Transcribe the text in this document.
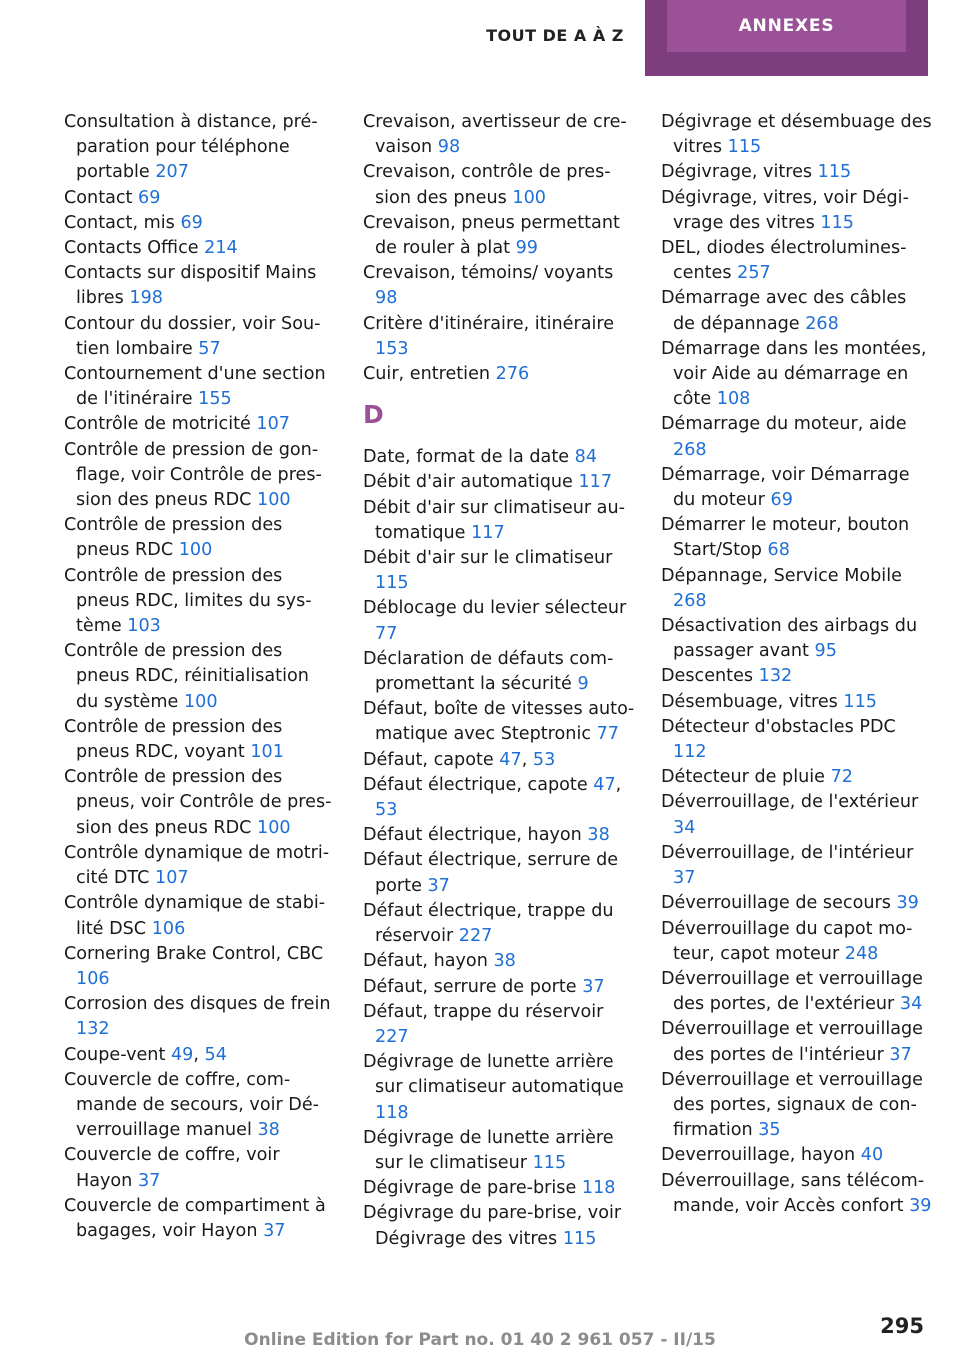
TOUT DE A À Z	ANNEXES
Consultation à distance, préparation pour téléphone portable 207
Contact 69
Contact, mis 69
Contacts Office 214
Contacts sur dispositif Mains libres 198
Contour du dossier, voir Soutien lombaire 57
Contournement d'une section de l'itinéraire 155
Contrôle de motricité 107
Contrôle de pression de gonflage, voir Contrôle de pression des pneus RDC 100
Contrôle de pression des pneus RDC 100
Contrôle de pression des pneus RDC, limites du système 103
Contrôle de pression des pneus RDC, réinitialisation du système 100
Contrôle de pression des pneus RDC, voyant 101
Contrôle de pression des pneus, voir Contrôle de pression des pneus RDC 100
Contrôle dynamique de motricité DTC 107
Contrôle dynamique de stabilité DSC 106
Cornering Brake Control, CBC 106
Corrosion des disques de frein 132
Coupe-vent 49, 54
Couvercle de coffre, commande de secours, voir Déverrouillage manuel 38
Couvercle de coffre, voir Hayon 37
Couvercle de compartiment à bagages, voir Hayon 37
Crevaison, avertisseur de crevaison 98
Crevaison, contrôle de pression des pneus 100
Crevaison, pneus permettant de rouler à plat 99
Crevaison, témoins/ voyants 98
Critère d'itinéraire, itinéraire 153
Cuir, entretien 276
D
Date, format de la date 84
Débit d'air automatique 117
Débit d'air sur climatiseur automatique 117
Débit d'air sur le climatiseur 115
Déblocage du levier sélecteur 77
Déclaration de défauts compromettant la sécurité 9
Défaut, boîte de vitesses automatique avec Steptronic 77
Défaut, capote 47, 53
Défaut électrique, capote 47, 53
Défaut électrique, hayon 38
Défaut électrique, serrure de porte 37
Défaut électrique, trappe du réservoir 227
Défaut, hayon 38
Défaut, serrure de porte 37
Défaut, trappe du réservoir 227
Dégivrage de lunette arrière sur climatiseur automatique 118
Dégivrage de lunette arrière sur le climatiseur 115
Dégivrage de pare-brise 118
Dégivrage du pare-brise, voir Dégivrage des vitres 115
Dégivrage et désembuage des vitres 115
Dégivrage, vitres 115
Dégivrage, vitres, voir Dégivrage des vitres 115
DEL, diodes électroluminescentes 257
Démarrage avec des câbles de dépannage 268
Démarrage dans les montées, voir Aide au démarrage en côte 108
Démarrage du moteur, aide 268
Démarrage, voir Démarrage du moteur 69
Démarrer le moteur, bouton Start/Stop 68
Dépannage, Service Mobile 268
Désactivation des airbags du passager avant 95
Descentes 132
Désembuage, vitres 115
Détecteur d'obstacles PDC 112
Détecteur de pluie 72
Déverrouillage, de l'extérieur 34
Déverrouillage, de l'intérieur 37
Déverrouillage de secours 39
Déverrouillage du capot moteur, capot moteur 248
Déverrouillage et verrouillage des portes, de l'extérieur 34
Déverrouillage et verrouillage des portes de l'intérieur 37
Déverrouillage et verrouillage des portes, signaux de confirmation 35
Deverrouillage, hayon 40
Déverrouillage, sans télécommande, voir Accès confort 39
295
Online Edition for Part no. 01 40 2 961 057 - II/15
